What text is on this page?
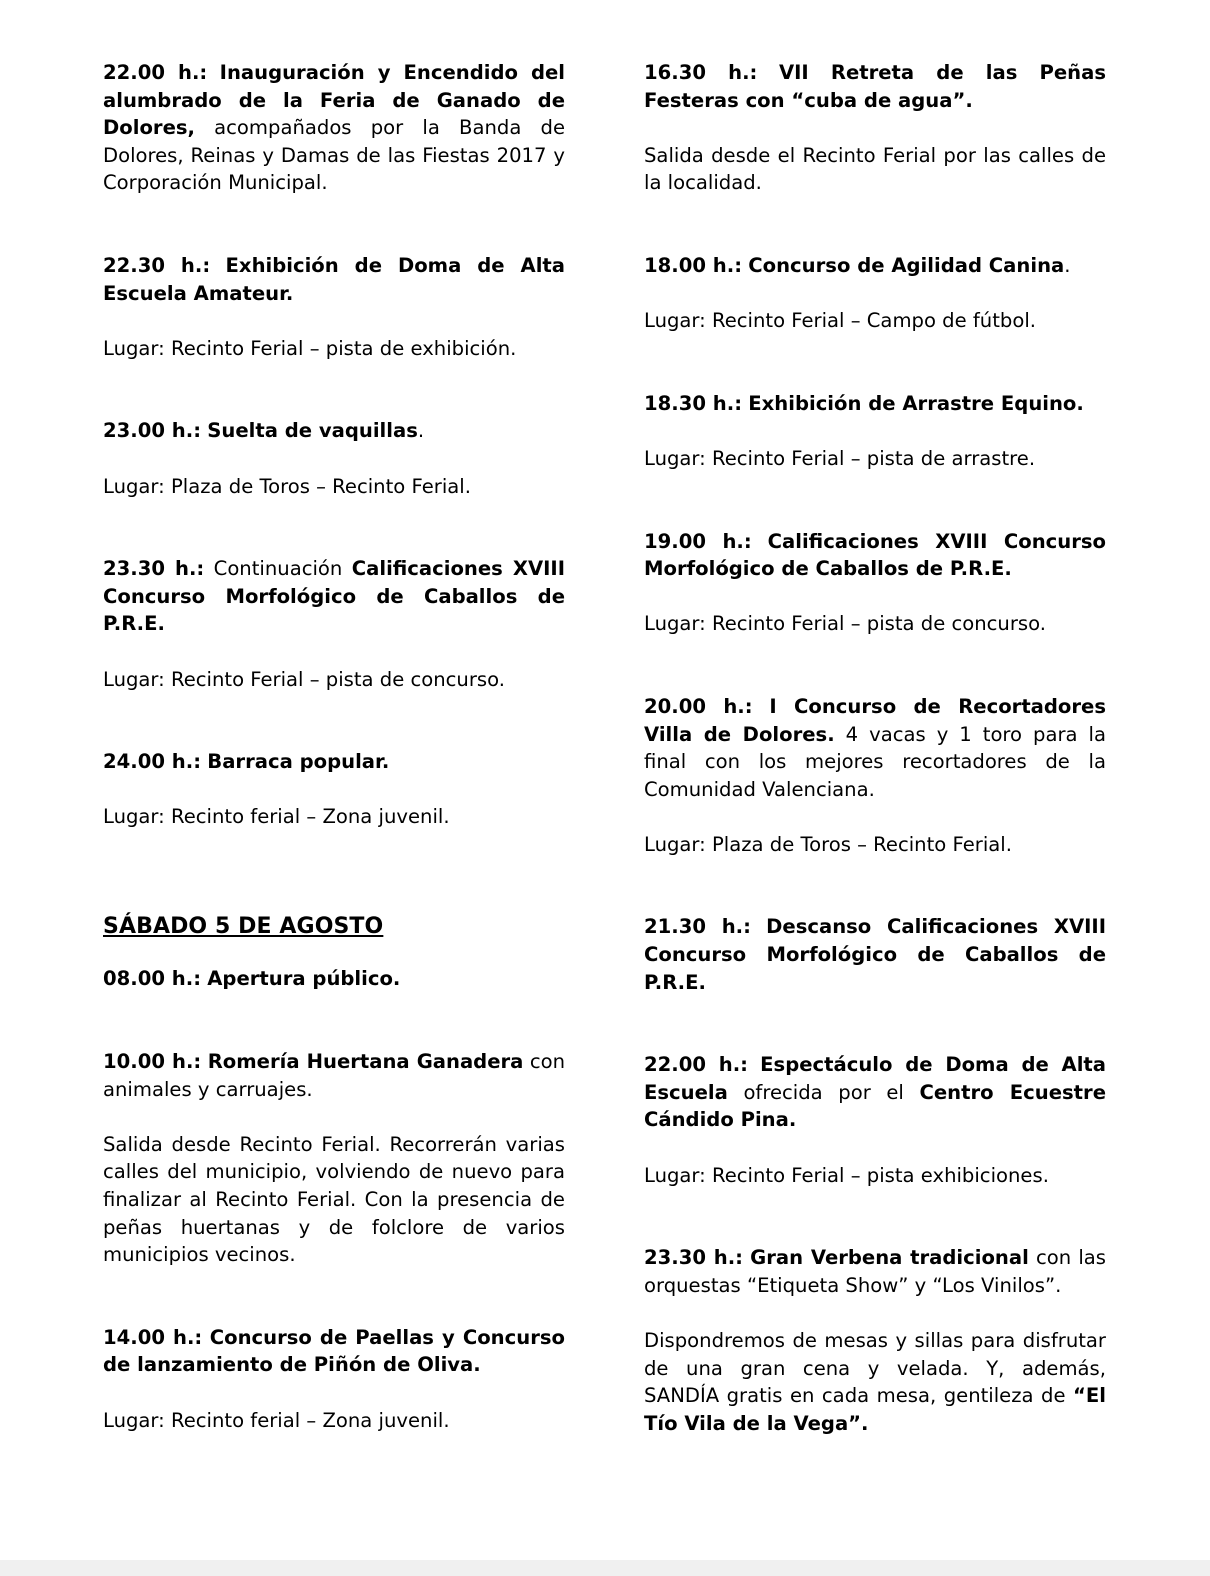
22.00 h.: Inauguración y Encendido del alumbrado de la Feria de Ganado de Dolores, acompañados por la Banda de Dolores, Reinas y Damas de las Fiestas 2017 y Corporación Municipal.

22.30 h.: Exhibición de Doma de Alta Escuela Amateur.

Lugar: Recinto Ferial – pista de exhibición.

23.00 h.: Suelta de vaquillas.

Lugar: Plaza de Toros – Recinto Ferial.

23.30 h.: Continuación Calificaciones XVIII Concurso Morfológico de Caballos de P.R.E.

Lugar: Recinto Ferial – pista de concurso.

24.00 h.: Barraca popular.

Lugar: Recinto ferial – Zona juvenil.

SÁBADO 5 DE AGOSTO

08.00 h.: Apertura público.

10.00 h.: Romería Huertana Ganadera con animales y carruajes.

Salida desde Recinto Ferial. Recorrerán varias calles del municipio, volviendo de nuevo para finalizar al Recinto Ferial. Con la presencia de peñas huertanas y de folclore de varios municipios vecinos.

14.00 h.: Concurso de Paellas y Concurso de lanzamiento de Piñón de Oliva.

Lugar: Recinto ferial – Zona juvenil.

16.30 h.: VII Retreta de las Peñas Festeras con “cuba de agua”.

Salida desde el Recinto Ferial por las calles de la localidad.

18.00 h.: Concurso de Agilidad Canina.

Lugar: Recinto Ferial – Campo de fútbol.

18.30 h.: Exhibición de Arrastre Equino.

Lugar: Recinto Ferial – pista de arrastre.

19.00 h.: Calificaciones XVIII Concurso Morfológico de Caballos de P.R.E.

Lugar: Recinto Ferial – pista de concurso.

20.00 h.: I Concurso de Recortadores Villa de Dolores. 4 vacas y 1 toro para la final con los mejores recortadores de la Comunidad Valenciana.

Lugar: Plaza de Toros – Recinto Ferial.

21.30 h.: Descanso Calificaciones XVIII Concurso Morfológico de Caballos de P.R.E.

22.00 h.: Espectáculo de Doma de Alta Escuela ofrecida por el Centro Ecuestre Cándido Pina.

Lugar: Recinto Ferial – pista exhibiciones.

23.30 h.: Gran Verbena tradicional con las orquestas “Etiqueta Show” y “Los Vinilos”.

Dispondremos de mesas y sillas para disfrutar de una gran cena y velada. Y, además, SANDÍA gratis en cada mesa, gentileza de “El Tío Vila de la Vega”.
